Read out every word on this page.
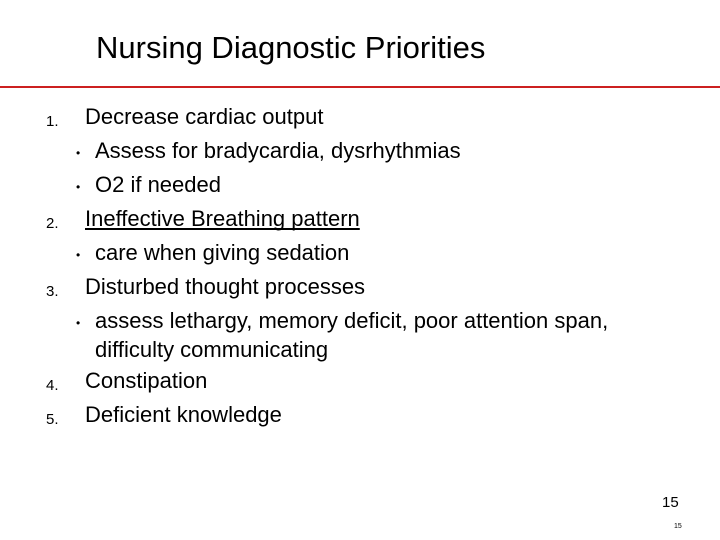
Nursing Diagnostic Priorities
1. Decrease cardiac output
• Assess for bradycardia, dysrhythmias
• O2 if needed
2. Ineffective Breathing pattern
• care when giving sedation
3. Disturbed thought processes
• assess lethargy, memory deficit, poor attention span, difficulty communicating
4. Constipation
5. Deficient knowledge
15
15
